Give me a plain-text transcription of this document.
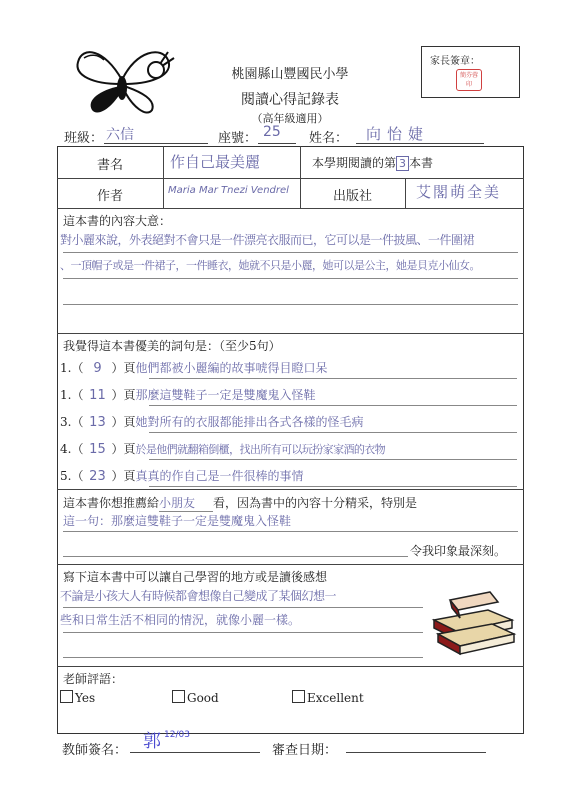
家長簽章：
簡芬蓉印
桃園縣山豐國民小學
閱讀心得記錄表
（高年級適用）
班級： 六信	座號： 25 姓名： 向怡婕
書名	作自己最美麗	本學期閱讀的第 3 本書
作者	Maria Mar Tnezi Vendrel	出版社	艾閣萌全美
這本書的內容大意：
對小麗來說，外表絕對不會只是一件漂亮衣服而已，它可以是一件披風、一件圍裙
、一頂帽子或是一件裙子，一件睡衣，她就不只是小麗，她可以是公主，她是貝克小仙女。
我覺得這本書優美的詞句是：（至少5句）
1.（ 9 ）頁他們都被小麗編的故事唬得目瞪口呆
1.（ 11 ）頁那麼這雙鞋子一定是雙魔鬼入怪鞋
3.（ 13 ）頁她對所有的衣服都能排出各式各樣的怪毛病
4.（ 15 ）頁於是他們就翻箱倒櫃，找出所有可以玩扮家家酒的衣物
5.（ 23 ）頁真真的作自己是一件很棒的事情
這本書你想推薦給小朋友 看，因為書中的內容十分精采，特別是
這一句：那麼這雙鞋子一定是雙魔鬼入怪鞋
令我印象最深刻。
寫下這本書中可以讓自己學習的地方或是讀後感想
不論是小孩大人有時候都會想像自己變成了某個幻想一
些和日常生活不相同的情況，就像小麗一樣。
老師評語：
Yes	Good	Excellent
教師簽名： 郭 12/03
審查日期：
